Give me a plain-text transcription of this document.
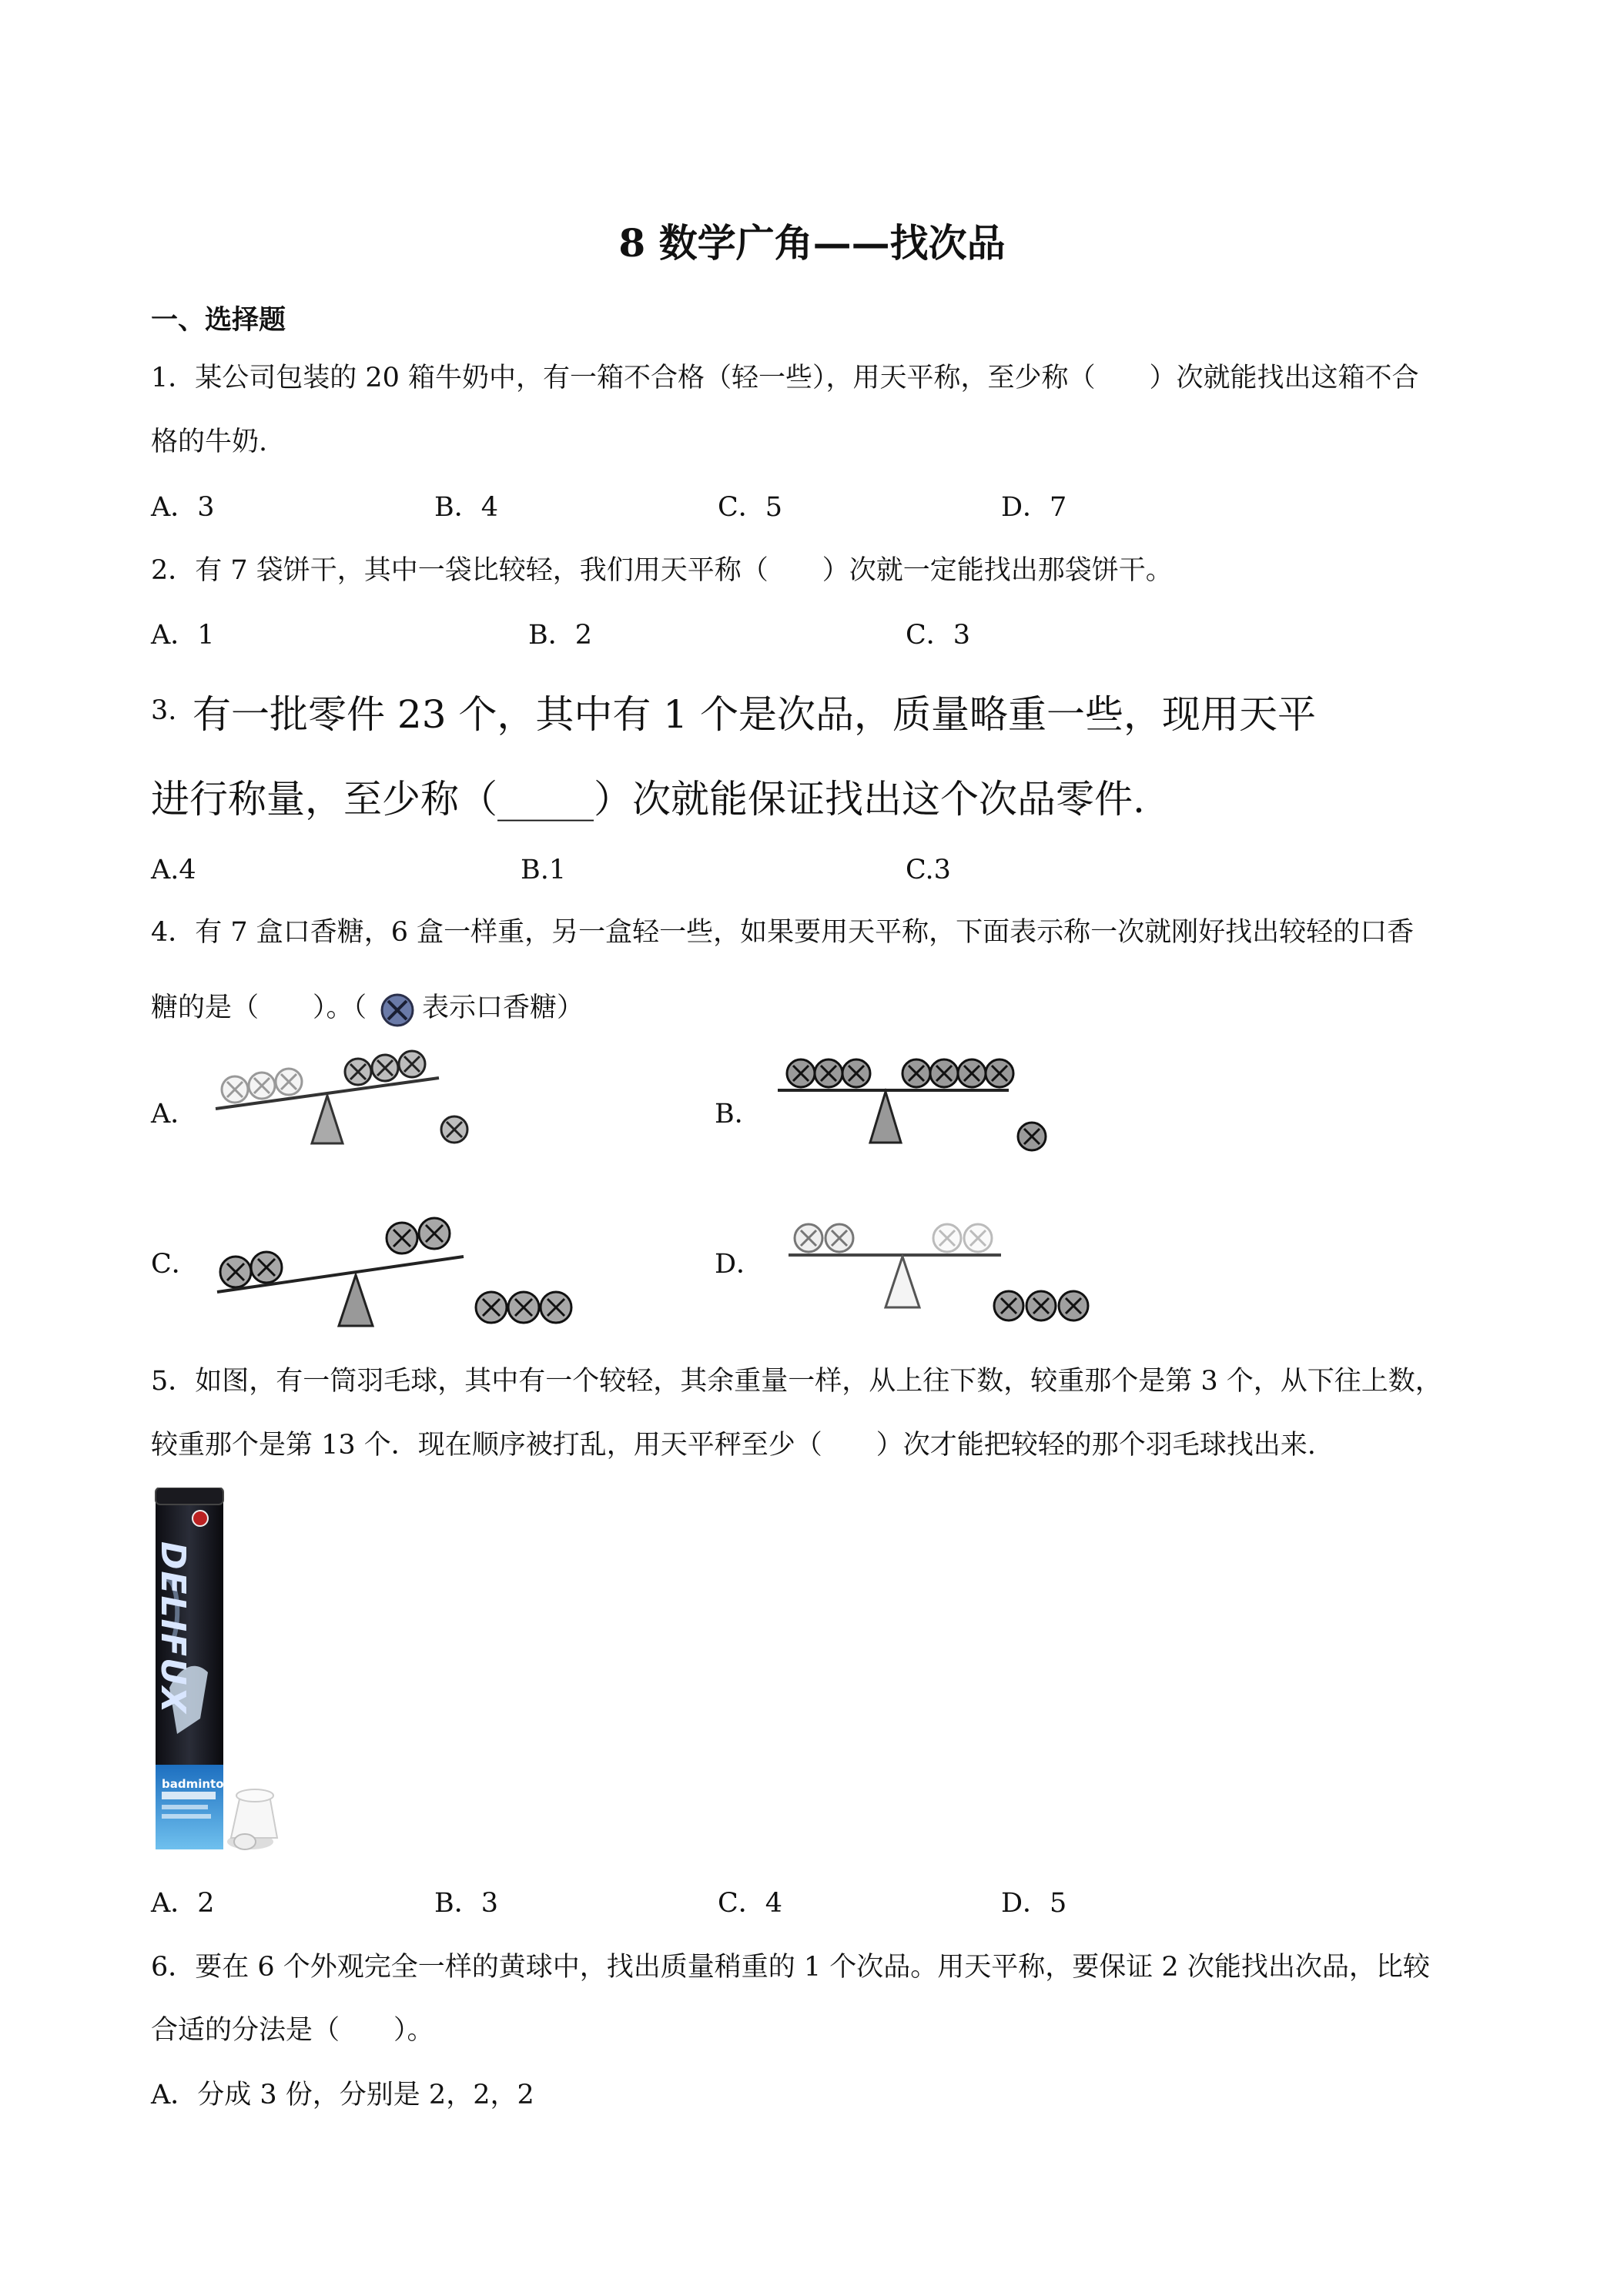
8 数学广角——找次品
一、选择题
1．某公司包装的 20 箱牛奶中，有一箱不合格（轻一些），用天平称，至少称（　　）次就能找出这箱不合
格的牛奶.
A．3	B．4	C．5	D．7
2．有 7 袋饼干，其中一袋比较轻，我们用天平称（　　）次就一定能找出那袋饼干。
A．1	B．2	C．3
3. 有一批零件 23 个，其中有 1 个是次品，质量略重一些，现用天平
进行称量，至少称（_____）次就能保证找出这个次品零件.
A.4	B.1	C.3
4．有 7 盒口香糖，6 盒一样重，另一盒轻一些，如果要用天平称，下面表示称一次就刚好找出较轻的口香
糖的是（　　）。（ 表示口香糖）
A．	B．
C．	D．
5．如图，有一筒羽毛球，其中有一个较轻，其余重量一样，从上往下数，较重那个是第 3 个，从下往上数，
较重那个是第 13 个．现在顺序被打乱，用天平秤至少（　　）次才能把较轻的那个羽毛球找出来.
DELIFUX
badminton
A．2	B．3	C．4	D．5
6．要在 6 个外观完全一样的黄球中，找出质量稍重的 1 个次品。用天平称，要保证 2 次能找出次品，比较
合适的分法是（　　）。
A．分成 3 份，分别是 2，2，2
